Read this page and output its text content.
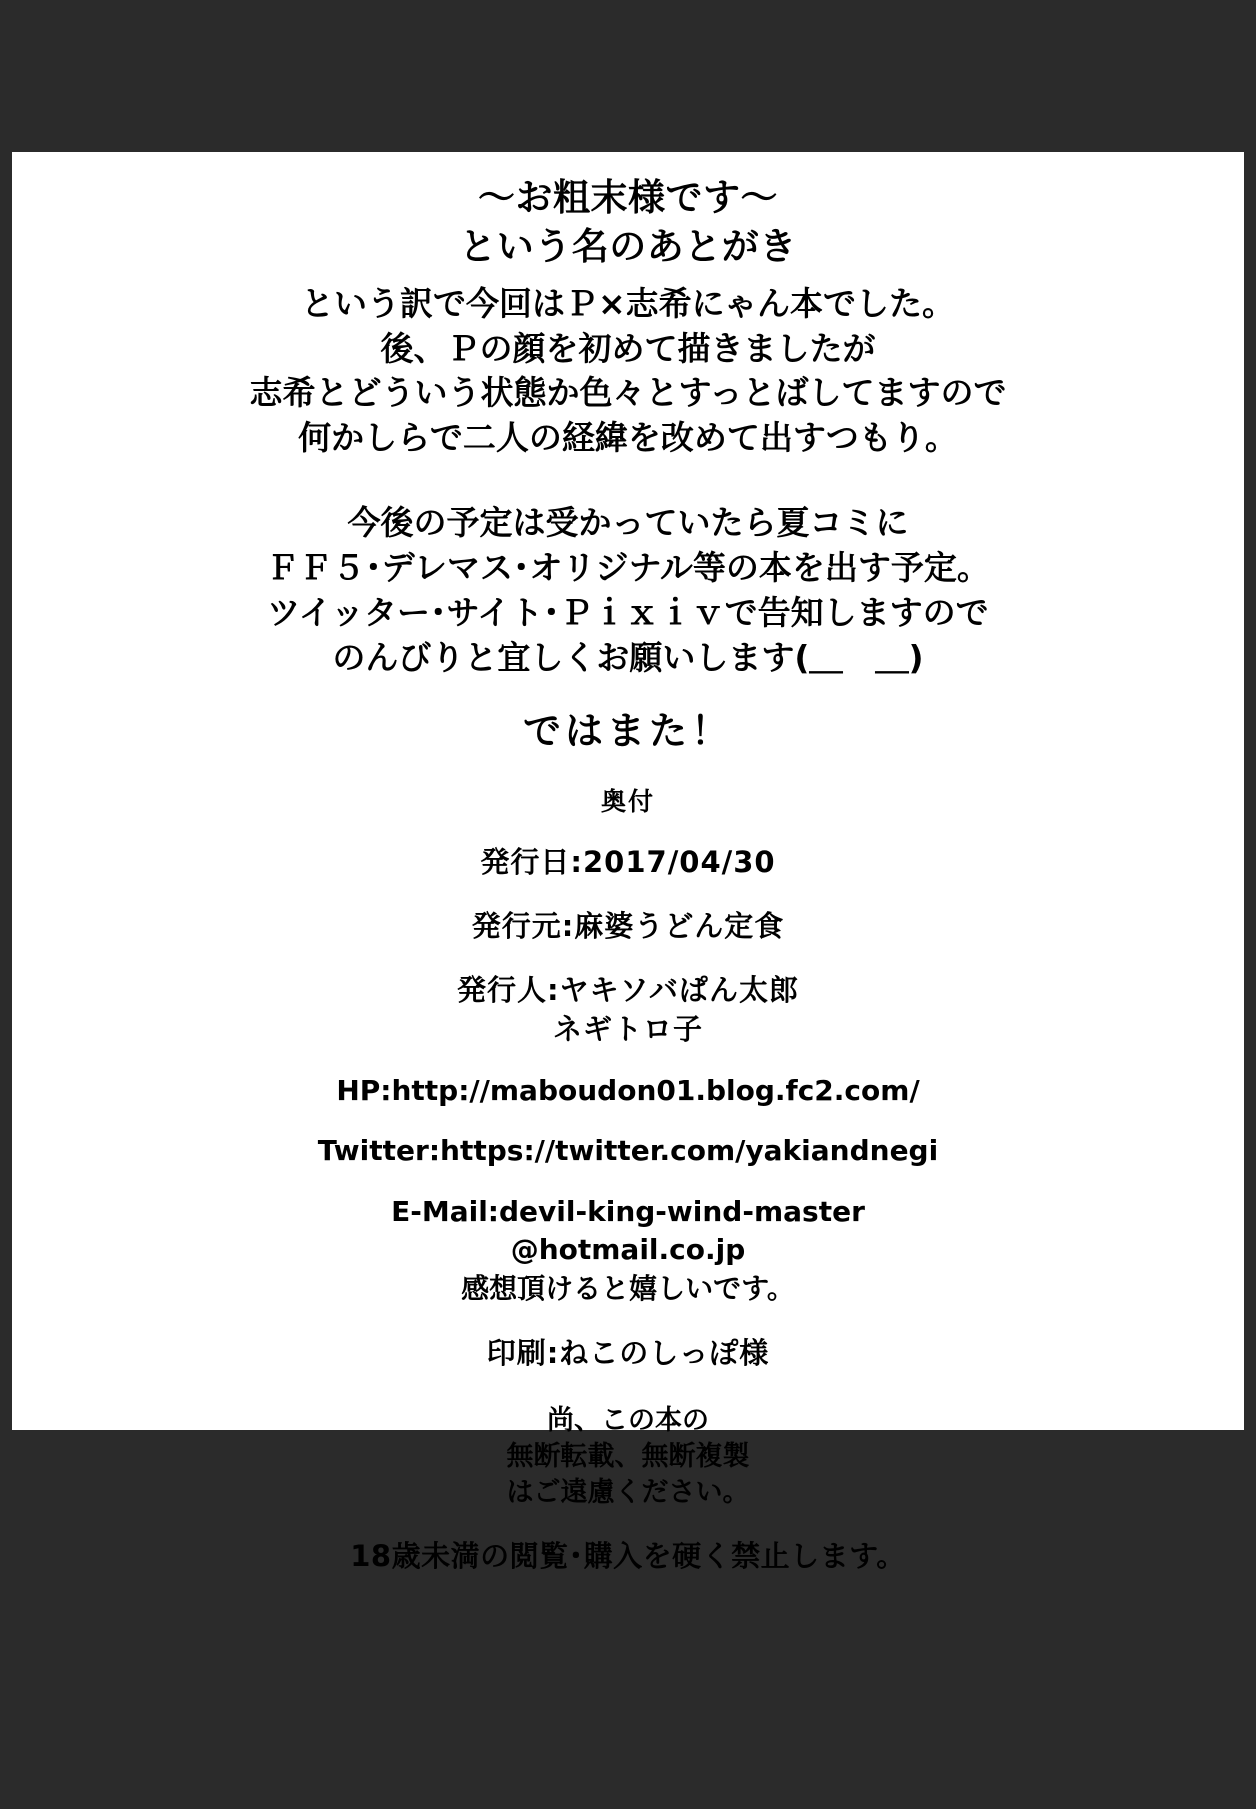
〜お粗末様です〜
という名のあとがき
という訳で今回はＰ×志希にゃん本でした。
後、Ｐの顔を初めて描きましたが
志希とどういう状態か色々とすっとばしてますので
何かしらで二人の経緯を改めて出すつもり。
今後の予定は受かっていたら夏コミに
ＦＦ５･デレマス･オリジナル等の本を出す予定。
ツイッター･サイト･Ｐｉｘｉｖで告知しますので
のんびりと宜しくお願いします(＿　＿)
ではまた！
奥付
発行日:2017/04/30
発行元:麻婆うどん定食
発行人:ヤキソバぱん太郎
ネギトロ子
HP:http://maboudon01.blog.fc2.com/
Twitter:https://twitter.com/yakiandnegi
E-Mail:devil-king-wind-master
@hotmail.co.jp
感想頂けると嬉しいです。
印刷:ねこのしっぽ様
尚、この本の
無断転載、無断複製
はご遠慮ください。
18歳未満の閲覧･購入を硬く禁止します。
